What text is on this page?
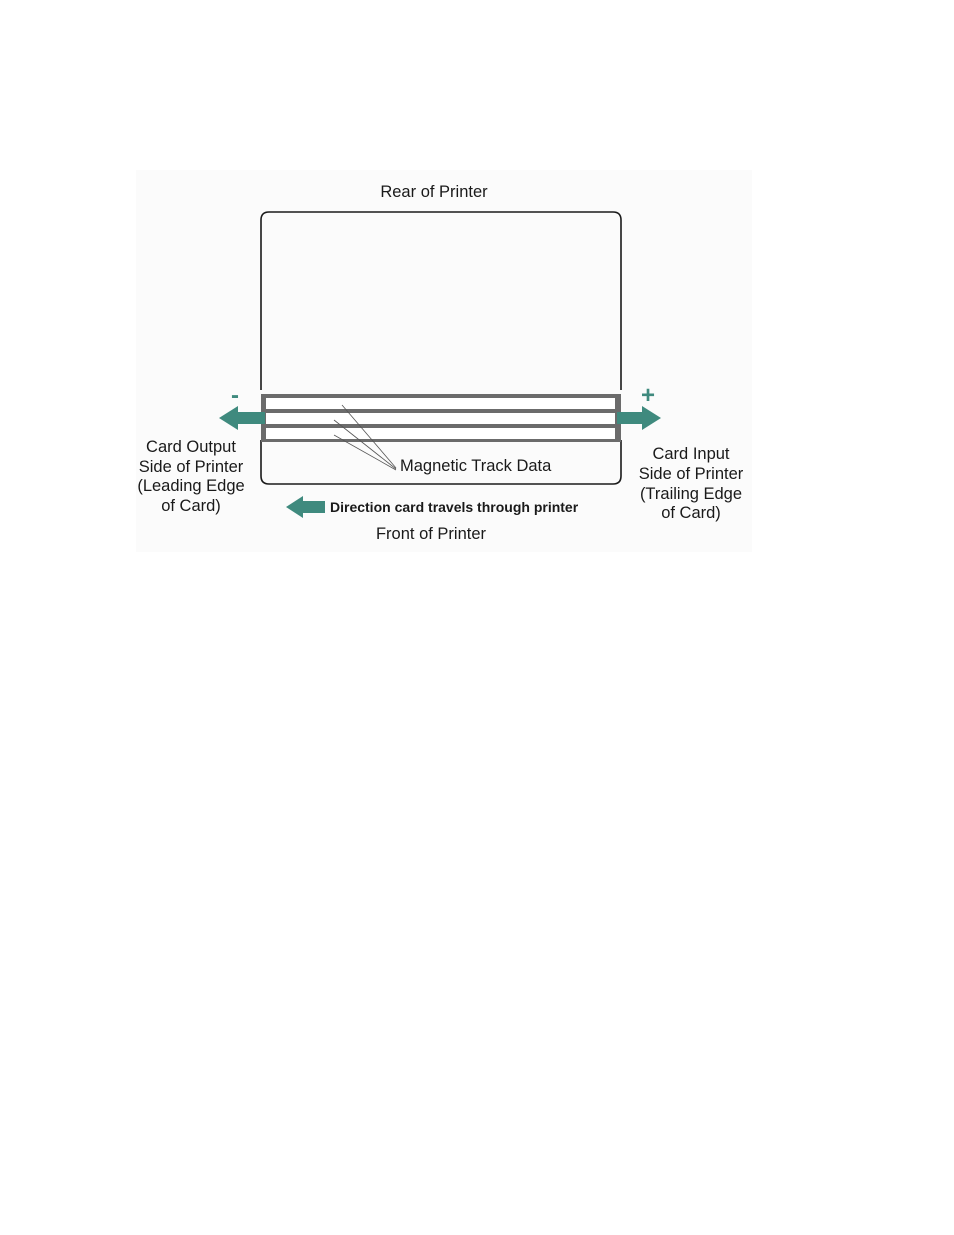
Rear of Printer
Magnetic Track Data
-	+
Card Output
Side of Printer
(Leading Edge
of Card)
Card Input
Side of Printer
(Trailing Edge
of Card)
Direction card travels through printer
Front of Printer
